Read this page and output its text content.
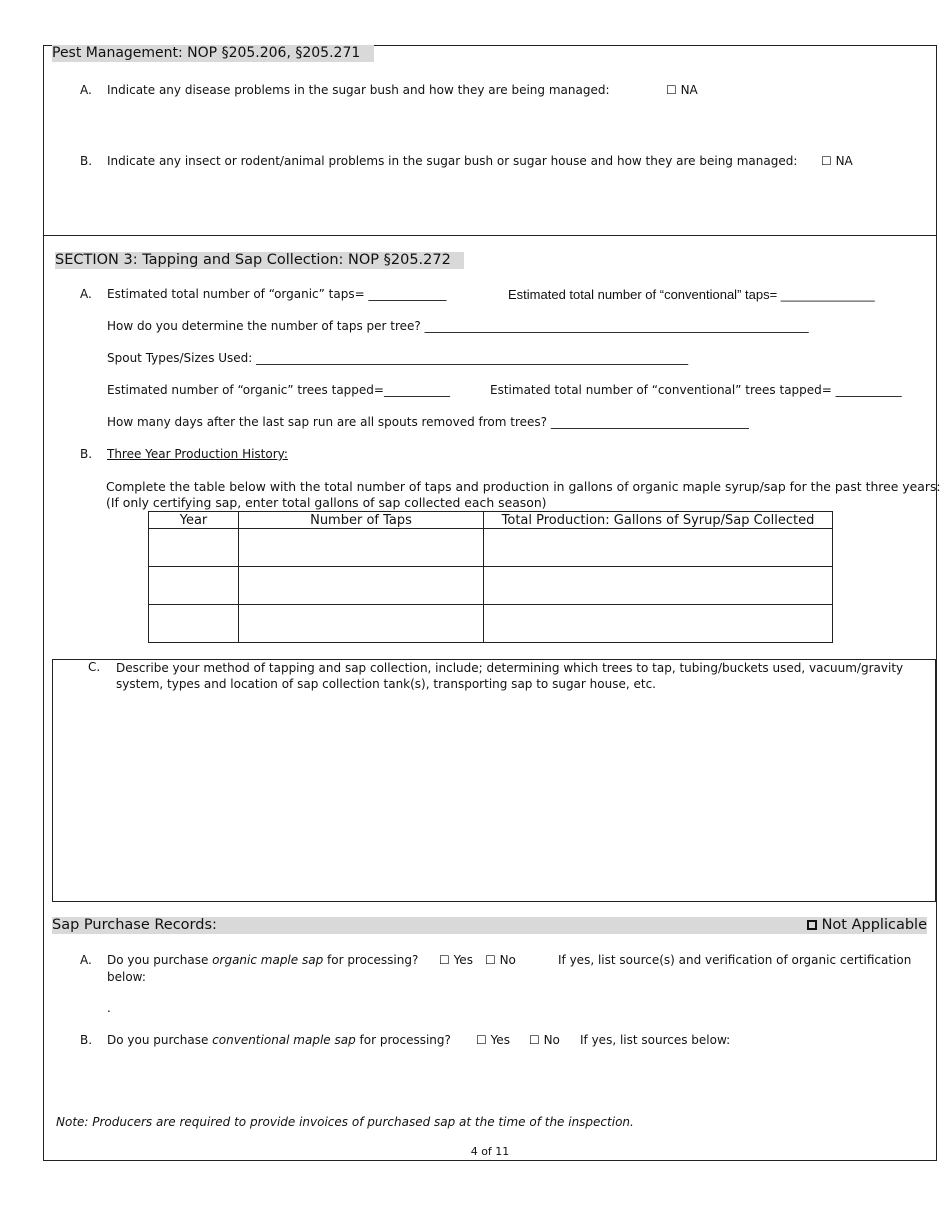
Pest Management: NOP §205.206, §205.271
A. Indicate any disease problems in the sugar bush and how they are being managed:	☐ NA
B. Indicate any insect or rodent/animal problems in the sugar bush or sugar house and how they are being managed: ☐ NA
SECTION 3: Tapping and Sap Collection: NOP §205.272
A. Estimated total number of “organic” taps= _____________	Estimated total number of “conventional” taps= _____________
How do you determine the number of taps per tree? ________________________________________________________________
Spout Types/Sizes Used: ________________________________________________________________________
Estimated number of “organic” trees tapped=___________	Estimated total number of “conventional” trees tapped= ___________
How many days after the last sap run are all spouts removed from trees? _________________________________
B. Three Year Production History:
Complete the table below with the total number of taps and production in gallons of organic maple syrup/sap for the past three years:
(If only certifying sap, enter total gallons of sap collected each season)
Year	Number of Taps	Total Production: Gallons of Syrup/Sap Collected

C. Describe your method of tapping and sap collection, include; determining which trees to tap, tubing/buckets used, vacuum/gravity system, types and location of sap collection tank(s), transporting sap to sugar house, etc.
Sap Purchase Records:	Not Applicable
A. Do you purchase organic maple sap for processing? ☐ Yes ☐ No	If yes, list source(s) and verification of organic certification
below:
.
B. Do you purchase conventional maple sap for processing? ☐ Yes ☐ No If yes, list sources below:
Note: Producers are required to provide invoices of purchased sap at the time of the inspection.
4 of 11
